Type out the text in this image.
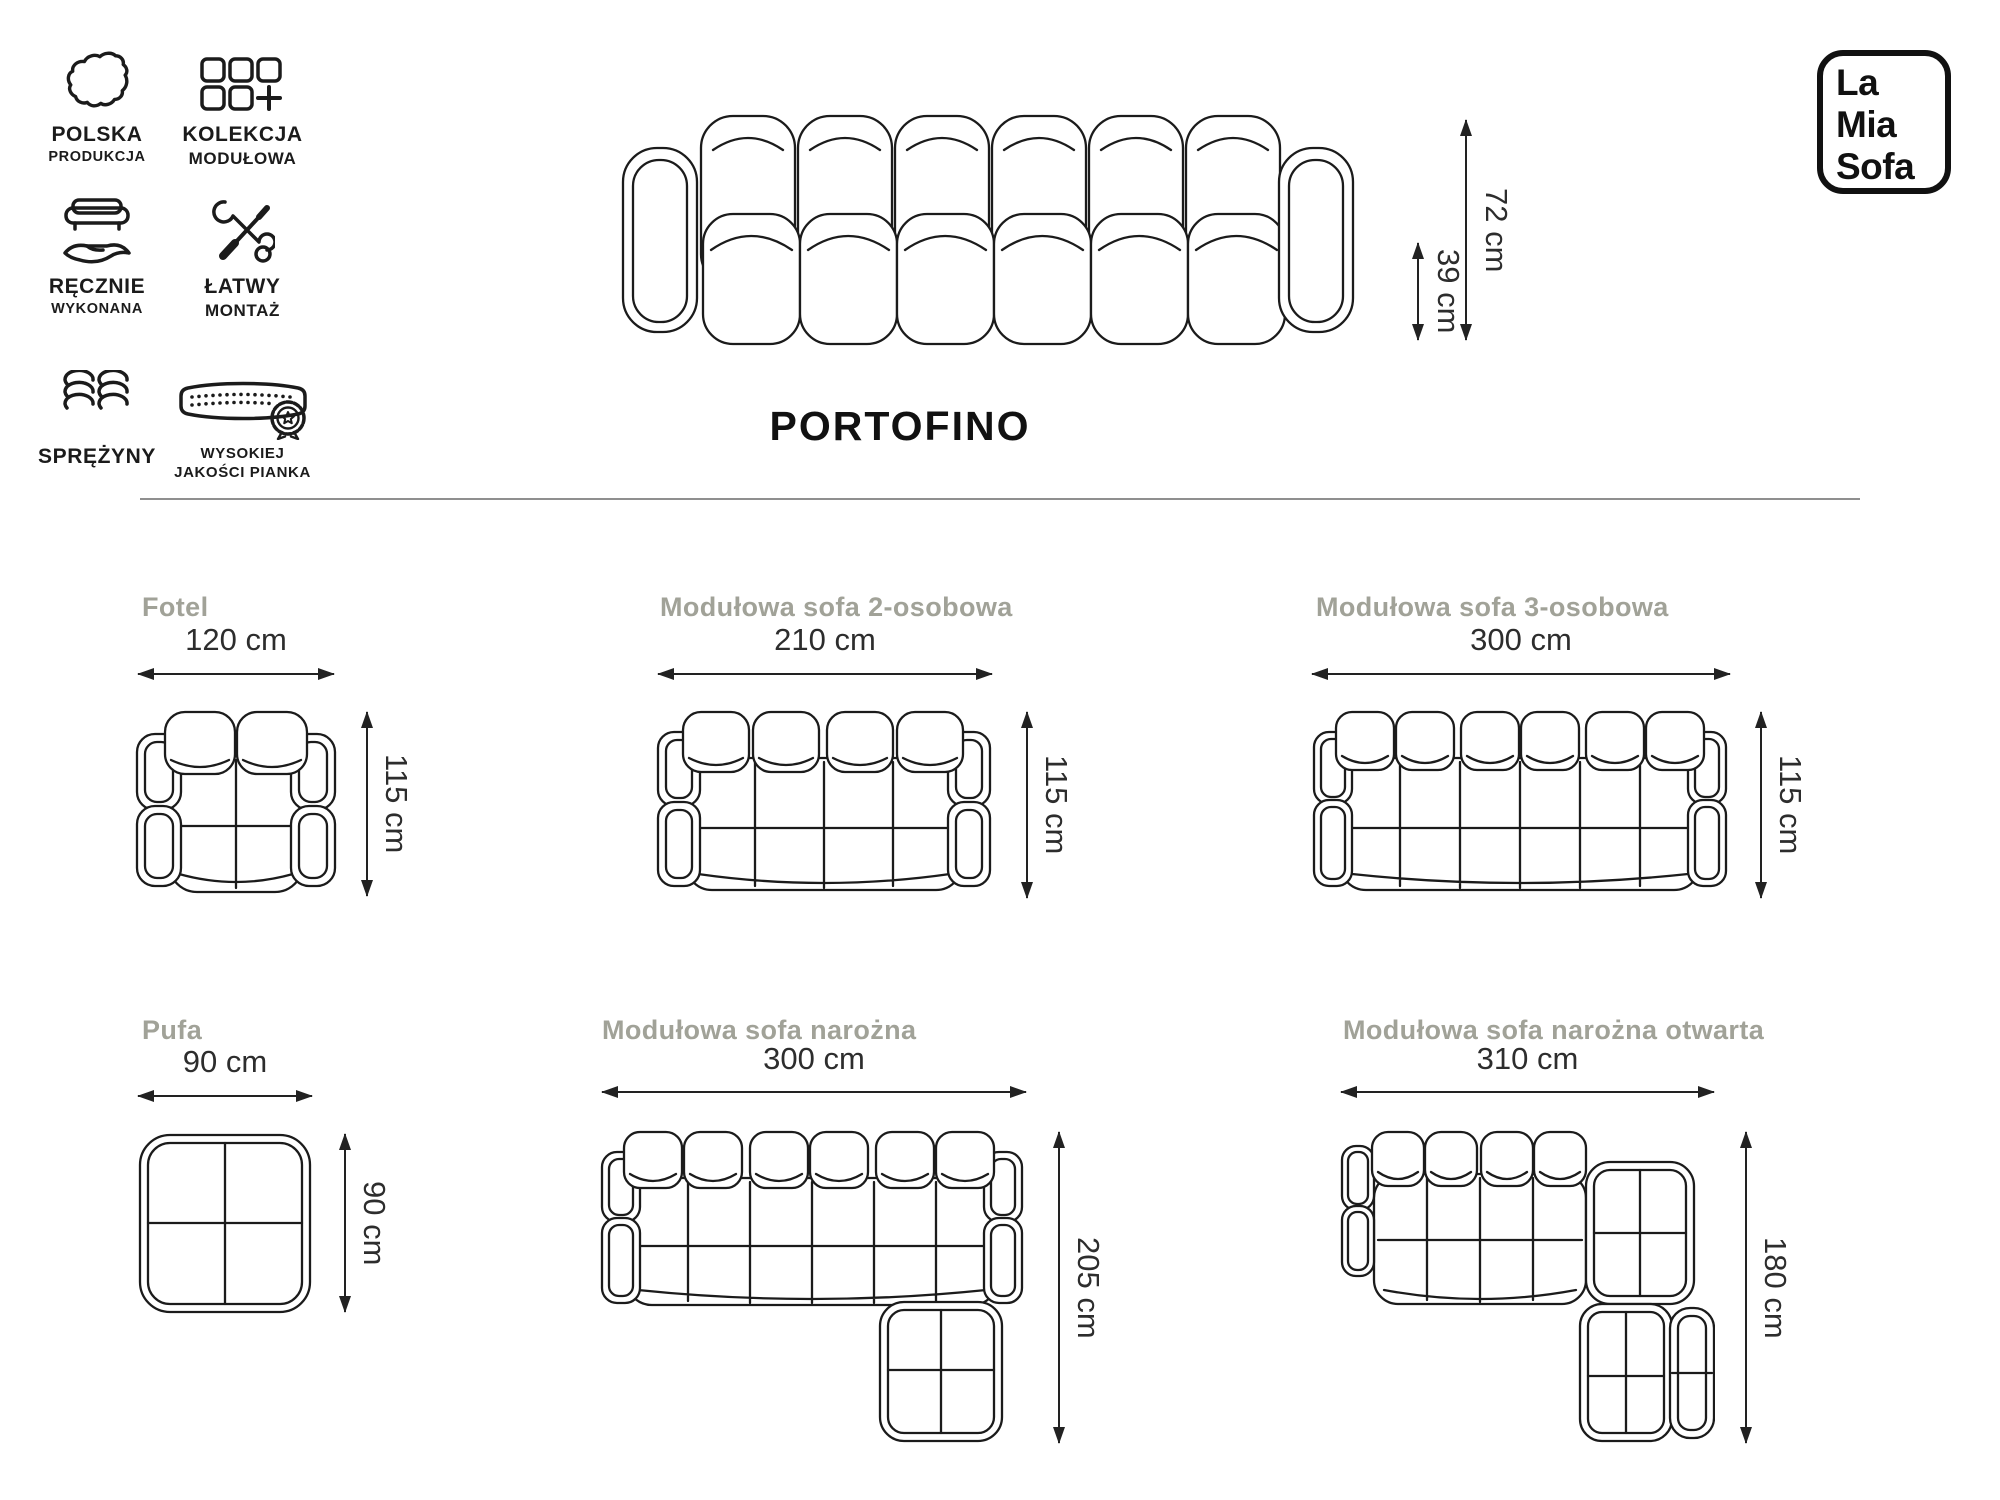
POLSKA
PRODUKCJA
KOLEKCJA
MODUŁOWA
RĘCZNIE
WYKONANA
ŁATWY
MONTAŻ
SPRĘŻYNY	WYSOKIEJ
JAKOŚCI PIANKA
La
Mia
Sofa
72 cm
39 cm
PORTOFINO
Fotel
120 cm
115 cm
Modułowa sofa 2-osobowa
210 cm
115 cm
Modułowa sofa 3-osobowa
300 cm
115 cm
Pufa
90 cm
90 cm
Modułowa sofa narożna
300 cm
205 cm
Modułowa sofa narożna otwarta
310 cm
180 cm
